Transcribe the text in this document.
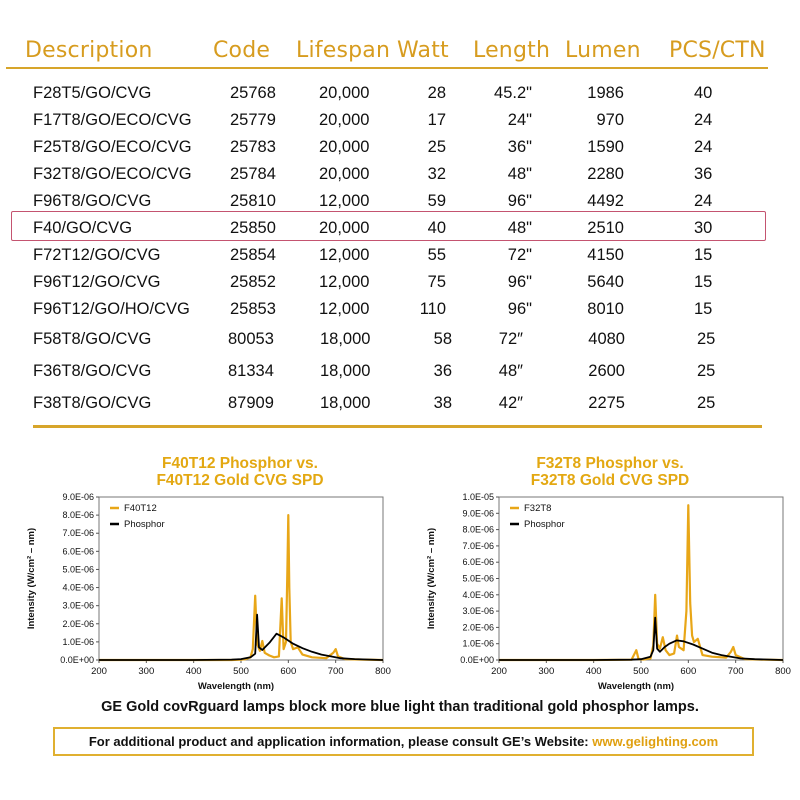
Description	Code Lifespan Watt Length Lumen PCS/CTN
F28T5/GO/CVG	25768	20,000	28	45.2"	1986	40
F17T8/GO/ECO/CVG 25779	20,000	17	24"	970	24
F25T8/GO/ECO/CVG 25783	20,000	25	36"	1590	24
F32T8/GO/ECO/CVG 25784	20,000	32	48"	2280	36
F96T8/GO/CVG	25810	12,000	59	96"	4492	24
F40/GO/CVG	25850	20,000	40	48"	2510	30
F72T12/GO/CVG	25854	12,000	55	72"	4150	15
F96T12/GO/CVG	25852	12,000	75	96"	5640	15
F96T12/GO/HO/CVG 25853	12,000	110	96"	8010	15
F58T8/GO/CVG	80053	18,000	58	72″	4080	25
F36T8/GO/CVG	81334	18,000	36	48″	2600	25
F38T8/GO/CVG	87909	18,000	38	42″	2275	25
F40T12 Phosphor vs.
F40T12 Gold CVG SPD
0.0E+00
1.0E-06
2.0E-06
3.0E-06
4.0E-06
5.0E-06
6.0E-06
7.0E-06
8.0E-06
9.0E-06
200	300	400	500	600	700	800
Wavelength (nm)
Intensity (W/cm² – nm)
F40T12
Phosphor
F32T8 Phosphor vs.
F32T8 Gold CVG SPD
0.0E+00
1.0E-06
2.0E-06
3.0E-06
4.0E-06
5.0E-06
6.0E-06
7.0E-06
8.0E-06
9.0E-06
1.0E-05
200	300	400	500	600	700	800
Wavelength (nm)
Intensity (W/cm² – nm)
F32T8
Phosphor
GE Gold covRguard lamps block more blue light than traditional gold phosphor lamps.
For additional product and application information, please consult GE’s Website: www.gelighting.com
